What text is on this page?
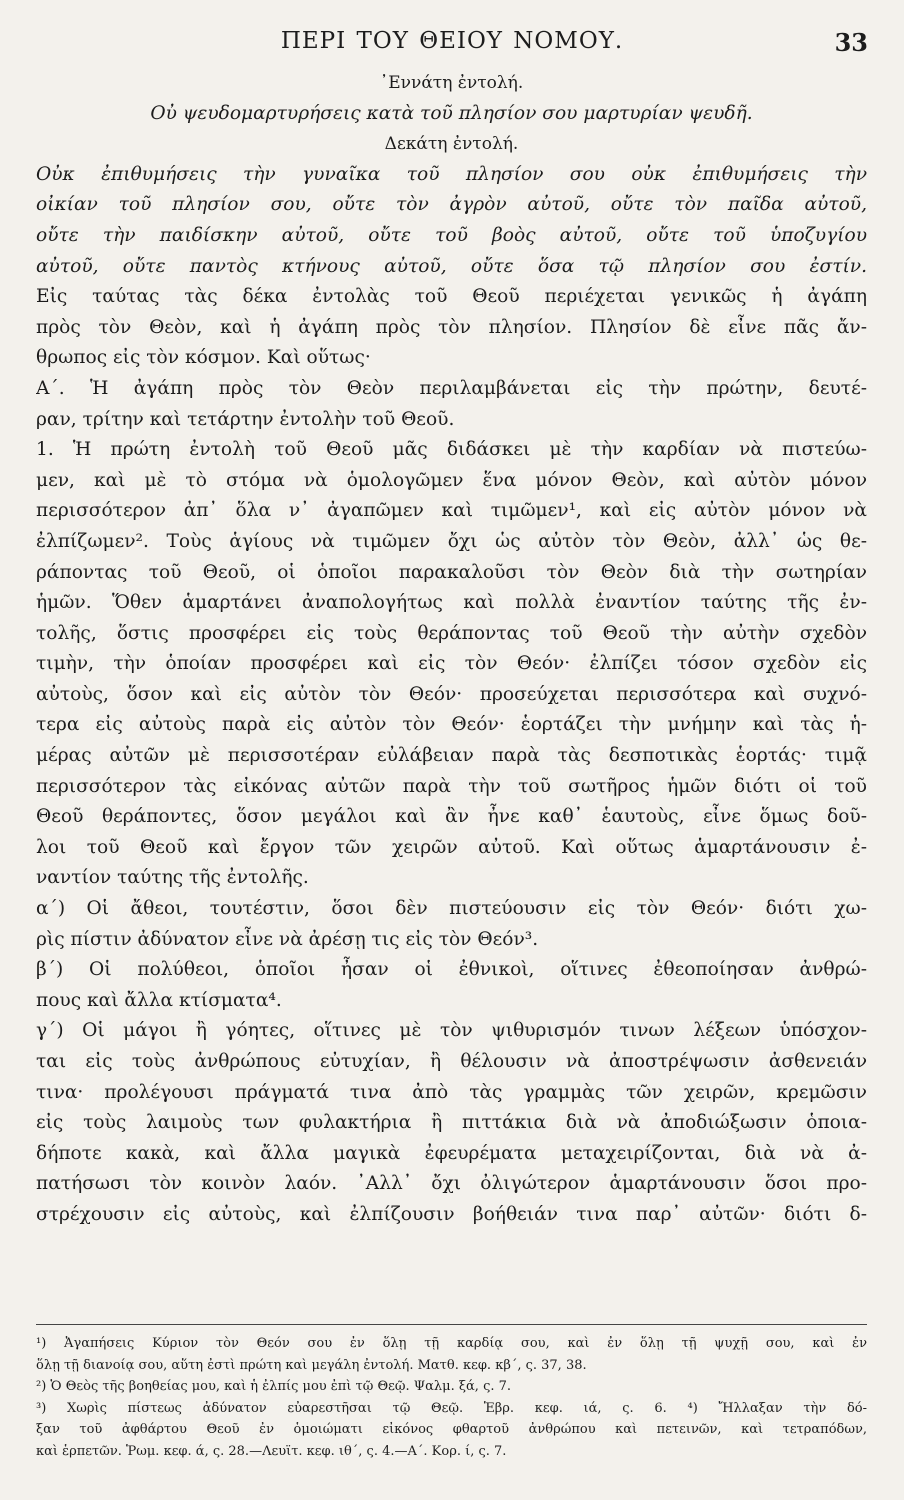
ΠΕΡΙ ΤΟΥ ΘΕΙΟΥ ΝΟΜΟΥ.	33
᾿Εννάτη ἐντολή.
Οὐ ψευδομαρτυρήσεις κατὰ τοῦ πλησίον σου μαρτυρίαν ψευδῆ.
Δεκάτη ἐντολή.
Οὐκ ἐπιθυμήσεις τὴν γυναῖκα τοῦ πλησίον σου οὐκ ἐπιθυμήσεις τὴν
οἰκίαν τοῦ πλησίον σου, οὔτε τὸν ἀγρὸν αὐτοῦ, οὔτε τὸν παῖδα αὐτοῦ,
οὔτε τὴν παιδίσκην αὐτοῦ, οὔτε τοῦ βοὸς αὐτοῦ, οὔτε τοῦ ὑποζυγίου
αὐτοῦ, οὔτε παντὸς κτήνους αὐτοῦ, οὔτε ὅσα τῷ πλησίον σου ἐστίν.
Εἰς ταύτας τὰς δέκα ἐντολὰς τοῦ Θεοῦ περιέχεται γενικῶς ἡ ἀγάπη
πρὸς τὸν Θεὸν, καὶ ἡ ἀγάπη πρὸς τὸν πλησίον. Πλησίον δὲ εἶνε πᾶς ἄν-
θρωπος εἰς τὸν κόσμον. Καὶ οὕτως·
Α΄. Ἡ ἀγάπη πρὸς τὸν Θεὸν περιλαμβάνεται εἰς τὴν πρώτην, δευτέ-
ραν, τρίτην καὶ τετάρτην ἐντολὴν τοῦ Θεοῦ.
1. Ἡ πρώτη ἐντολὴ τοῦ Θεοῦ μᾶς διδάσκει μὲ τὴν καρδίαν νὰ πιστεύω-
μεν, καὶ μὲ τὸ στόμα νὰ ὁμολογῶμεν ἕνα μόνον Θεὸν, καὶ αὐτὸν μόνον
περισσότερον ἀπ᾿ ὅλα ν᾿ ἀγαπῶμεν καὶ τιμῶμεν¹, καὶ εἰς αὐτὸν μόνον νὰ
ἐλπίζωμεν². Τοὺς ἁγίους νὰ τιμῶμεν ὄχι ὡς αὐτὸν τὸν Θεὸν, ἀλλ᾿ ὡς θε-
ράποντας τοῦ Θεοῦ, οἱ ὁποῖοι παρακαλοῦσι τὸν Θεὸν διὰ τὴν σωτηρίαν
ἡμῶν. Ὅθεν ἁμαρτάνει ἀναπολογήτως καὶ πολλὰ ἐναντίον ταύτης τῆς ἐν-
τολῆς, ὅστις προσφέρει εἰς τοὺς θεράποντας τοῦ Θεοῦ τὴν αὐτὴν σχεδὸν
τιμὴν, τὴν ὁποίαν προσφέρει καὶ εἰς τὸν Θεόν· ἐλπίζει τόσον σχεδὸν εἰς
αὐτοὺς, ὅσον καὶ εἰς αὐτὸν τὸν Θεόν· προσεύχεται περισσότερα καὶ συχνό-
τερα εἰς αὐτοὺς παρὰ εἰς αὐτὸν τὸν Θεόν· ἑορτάζει τὴν μνήμην καὶ τὰς ἡ-
μέρας αὐτῶν μὲ περισσοτέραν εὐλάβειαν παρὰ τὰς δεσποτικὰς ἑορτάς· τιμᾷ
περισσότερον τὰς εἰκόνας αὐτῶν παρὰ τὴν τοῦ σωτῆρος ἡμῶν διότι οἱ τοῦ
Θεοῦ θεράποντες, ὅσον μεγάλοι καὶ ἂν ἦνε καθ᾿ ἑαυτοὺς, εἶνε ὅμως δοῦ-
λοι τοῦ Θεοῦ καὶ ἔργον τῶν χειρῶν αὐτοῦ. Καὶ οὕτως ἁμαρτάνουσιν ἐ-
ναντίον ταύτης τῆς ἐντολῆς.
α΄) Οἱ ἄθεοι, τουτέστιν, ὅσοι δὲν πιστεύουσιν εἰς τὸν Θεόν· διότι χω-
ρὶς πίστιν ἀδύνατον εἶνε νὰ ἀρέσῃ τις εἰς τὸν Θεόν³.
β΄) Οἱ πολύθεοι, ὁποῖοι ἦσαν οἱ ἐθνικοὶ, οἵτινες ἐθεοποίησαν ἀνθρώ-
πους καὶ ἄλλα κτίσματα⁴.
γ΄) Οἱ μάγοι ἢ γόητες, οἵτινες μὲ τὸν ψιθυρισμόν τινων λέξεων ὑπόσχον-
ται εἰς τοὺς ἀνθρώπους εὐτυχίαν, ἢ θέλουσιν νὰ ἀποστρέψωσιν ἀσθενειάν
τινα· προλέγουσι πράγματά τινα ἀπὸ τὰς γραμμὰς τῶν χειρῶν, κρεμῶσιν
εἰς τοὺς λαιμοὺς των φυλακτήρια ἢ πιττάκια διὰ νὰ ἀποδιώξωσιν ὁποια-
δήποτε κακὰ, καὶ ἄλλα μαγικὰ ἐφευρέματα μεταχειρίζονται, διὰ νὰ ἀ-
πατήσωσι τὸν κοινὸν λαόν. ᾿Αλλ᾿ ὄχι ὀλιγώτερον ἁμαρτάνουσιν ὅσοι προ-
στρέχουσιν εἰς αὐτοὺς, καὶ ἐλπίζουσιν βοήθειάν τινα παρ᾿ αὐτῶν· διότι δ-
¹) Ἀγαπήσεις Κύριον τὸν Θεόν σου ἐν ὅλῃ τῇ καρδίᾳ σου, καὶ ἐν ὅλῃ τῇ ψυχῇ σου, καὶ ἐν
ὅλῃ τῇ διανοίᾳ σου, αὕτη ἐστὶ πρώτη καὶ μεγάλη ἐντολή. Ματθ. κεφ. κβ΄, ς. 37, 38.
²) Ὁ Θεὸς τῆς βοηθείας μου, καὶ ἡ ἐλπίς μου ἐπὶ τῷ Θεῷ. Ψαλμ. ξά, ς. 7.
³) Χωρὶς πίστεως ἀδύνατον εὐαρεστῆσαι τῷ Θεῷ. Ἑβρ. κεφ. ιά, ς. 6. ⁴) Ἤλλαξαν τὴν δό-
ξαν τοῦ ἀφθάρτου Θεοῦ ἐν ὁμοιώματι εἰκόνος φθαρτοῦ ἀνθρώπου καὶ πετεινῶν, καὶ τετραπόδων,
καὶ ἑρπετῶν. Ῥωμ. κεφ. ά, ς. 28.—Λευϊτ. κεφ. ιθ΄, ς. 4.—Α΄. Κορ. ί, ς. 7.
